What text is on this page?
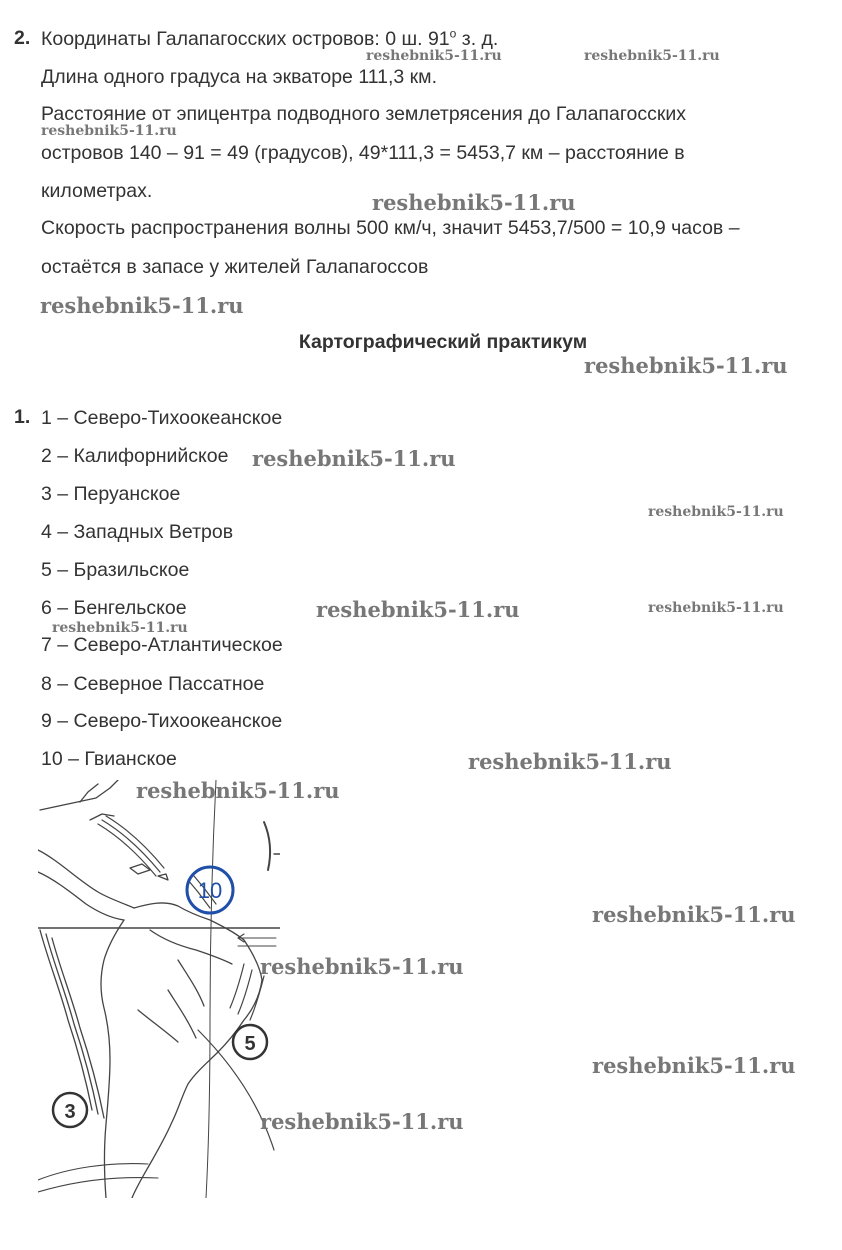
2. Координаты Галапагосских островов: 0 ш. $91^о$ з. д.
Длина одного градуса на экваторе 111,3 км.
Расстояние от эпицентра подводного землетрясения до Галапагосских
островов 140 – 91 = 49 (градусов), 49*111,3 = 5453,7 км – расстояние в
километрах.
Скорость распространения волны 500 км/ч, значит 5453,7/500 = 10,9 часов –
остаётся в запасе у жителей Галапагоссов
Картографический практикум
1. 1 – Северо-Тихоокеанское
2 – Калифорнийское
3 – Перуанское
4 – Западных Ветров
5 – Бразильское
6 – Бенгельское
7 – Северо-Атлантическое
8 – Северное Пассатное
9 – Северо-Тихоокеанское
10 – Гвианское
10
5
3
reshebnik5-11.ru	reshebnik5-11.ru
reshebnik5-11.ru
reshebnik5-11.ru
reshebnik5-11.ru
reshebnik5-11.ru
reshebnik5-11.ru
reshebnik5-11.ru
reshebnik5-11.ru	reshebnik5-11.ru
reshebnik5-11.ru
reshebnik5-11.ru
reshebnik5-11.ru
reshebnik5-11.ru
reshebnik5-11.ru
reshebnik5-11.ru
reshebnik5-11.ru
